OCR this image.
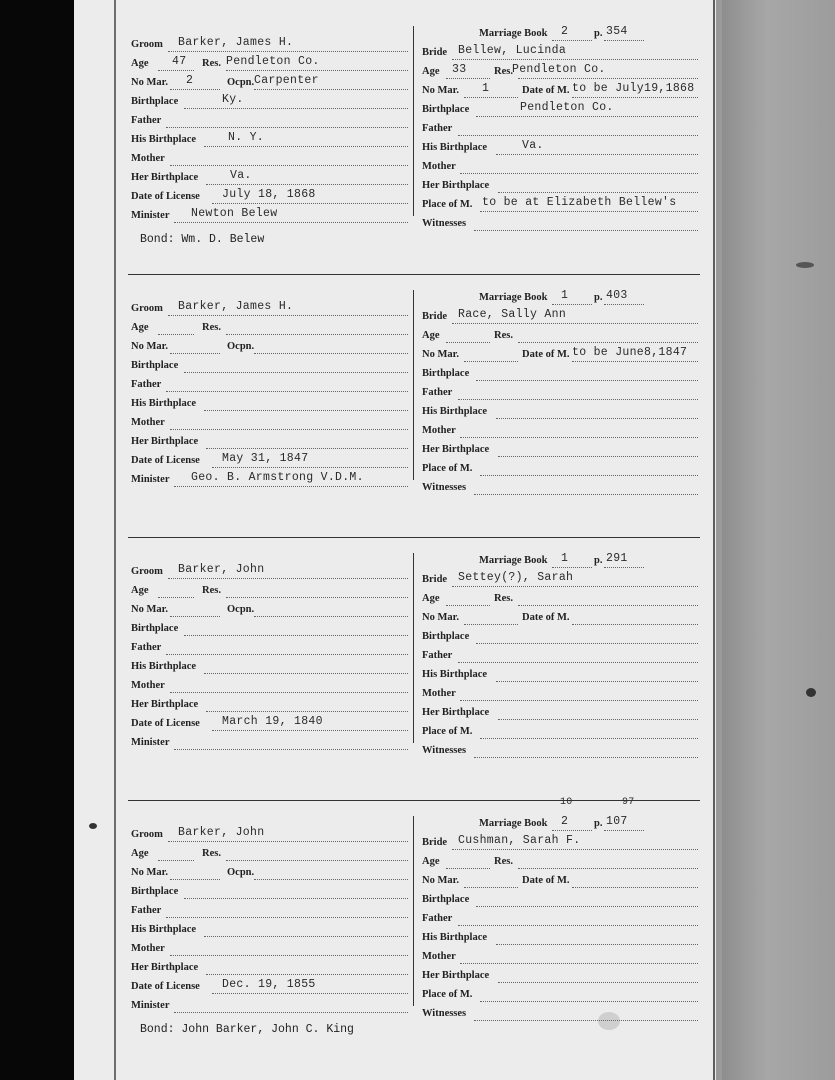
Groom Barker, James H.
Age 47 Res. Pendleton Co.
No Mar. 2	Ocpn. Carpenter
Birthplace	Ky.
Father
His Birthplace	N. Y.
Mother
Her Birthplace	Va.
Date of License July 18, 1868
Minister Newton Belew
Bond: Wm. D. Belew
Marriage Book 2 p. 354
Bride Bellew, Lucinda
Age 33	Res. Pendleton Co.
No Mar. 1	Date of M. to be July19,1868
Birthplace	Pendleton Co.
Father
His Birthplace	Va.
Mother
Her Birthplace
Place of M. to be at Elizabeth Bellew's
Witnesses
Groom Barker, James H.
Age	Res.
No Mar.	Ocpn.
Birthplace
Father
His Birthplace
Mother
Her Birthplace
Date of License May 31, 1847
Minister Geo. B. Armstrong V.D.M.
Marriage Book 1 p. 403
Bride Race, Sally Ann
Age	Res.
No Mar.	Date of M. to be June8,1847
Birthplace
Father
His Birthplace
Mother
Her Birthplace
Place of M.
Witnesses
Groom Barker, John
Age	Res.
No Mar.	Ocpn.
Birthplace
Father
His Birthplace
Mother
Her Birthplace
Date of License March 19, 1840
Minister
Marriage Book 1 p. 291
Bride Settey(?), Sarah
Age	Res.
No Mar.	Date of M.
Birthplace
Father
His Birthplace
Mother
Her Birthplace
Place of M.
Witnesses
Groom Barker, John
Age	Res.
No Mar.	Ocpn.
Birthplace
Father
His Birthplace
Mother
Her Birthplace
Date of License Dec. 19, 1855
Minister
Bond: John Barker, John C. King
10	97
Marriage Book 2 p. 107
Bride Cushman, Sarah F.
Age	Res.
No Mar.	Date of M.
Birthplace
Father
His Birthplace
Mother
Her Birthplace
Place of M.
Witnesses
